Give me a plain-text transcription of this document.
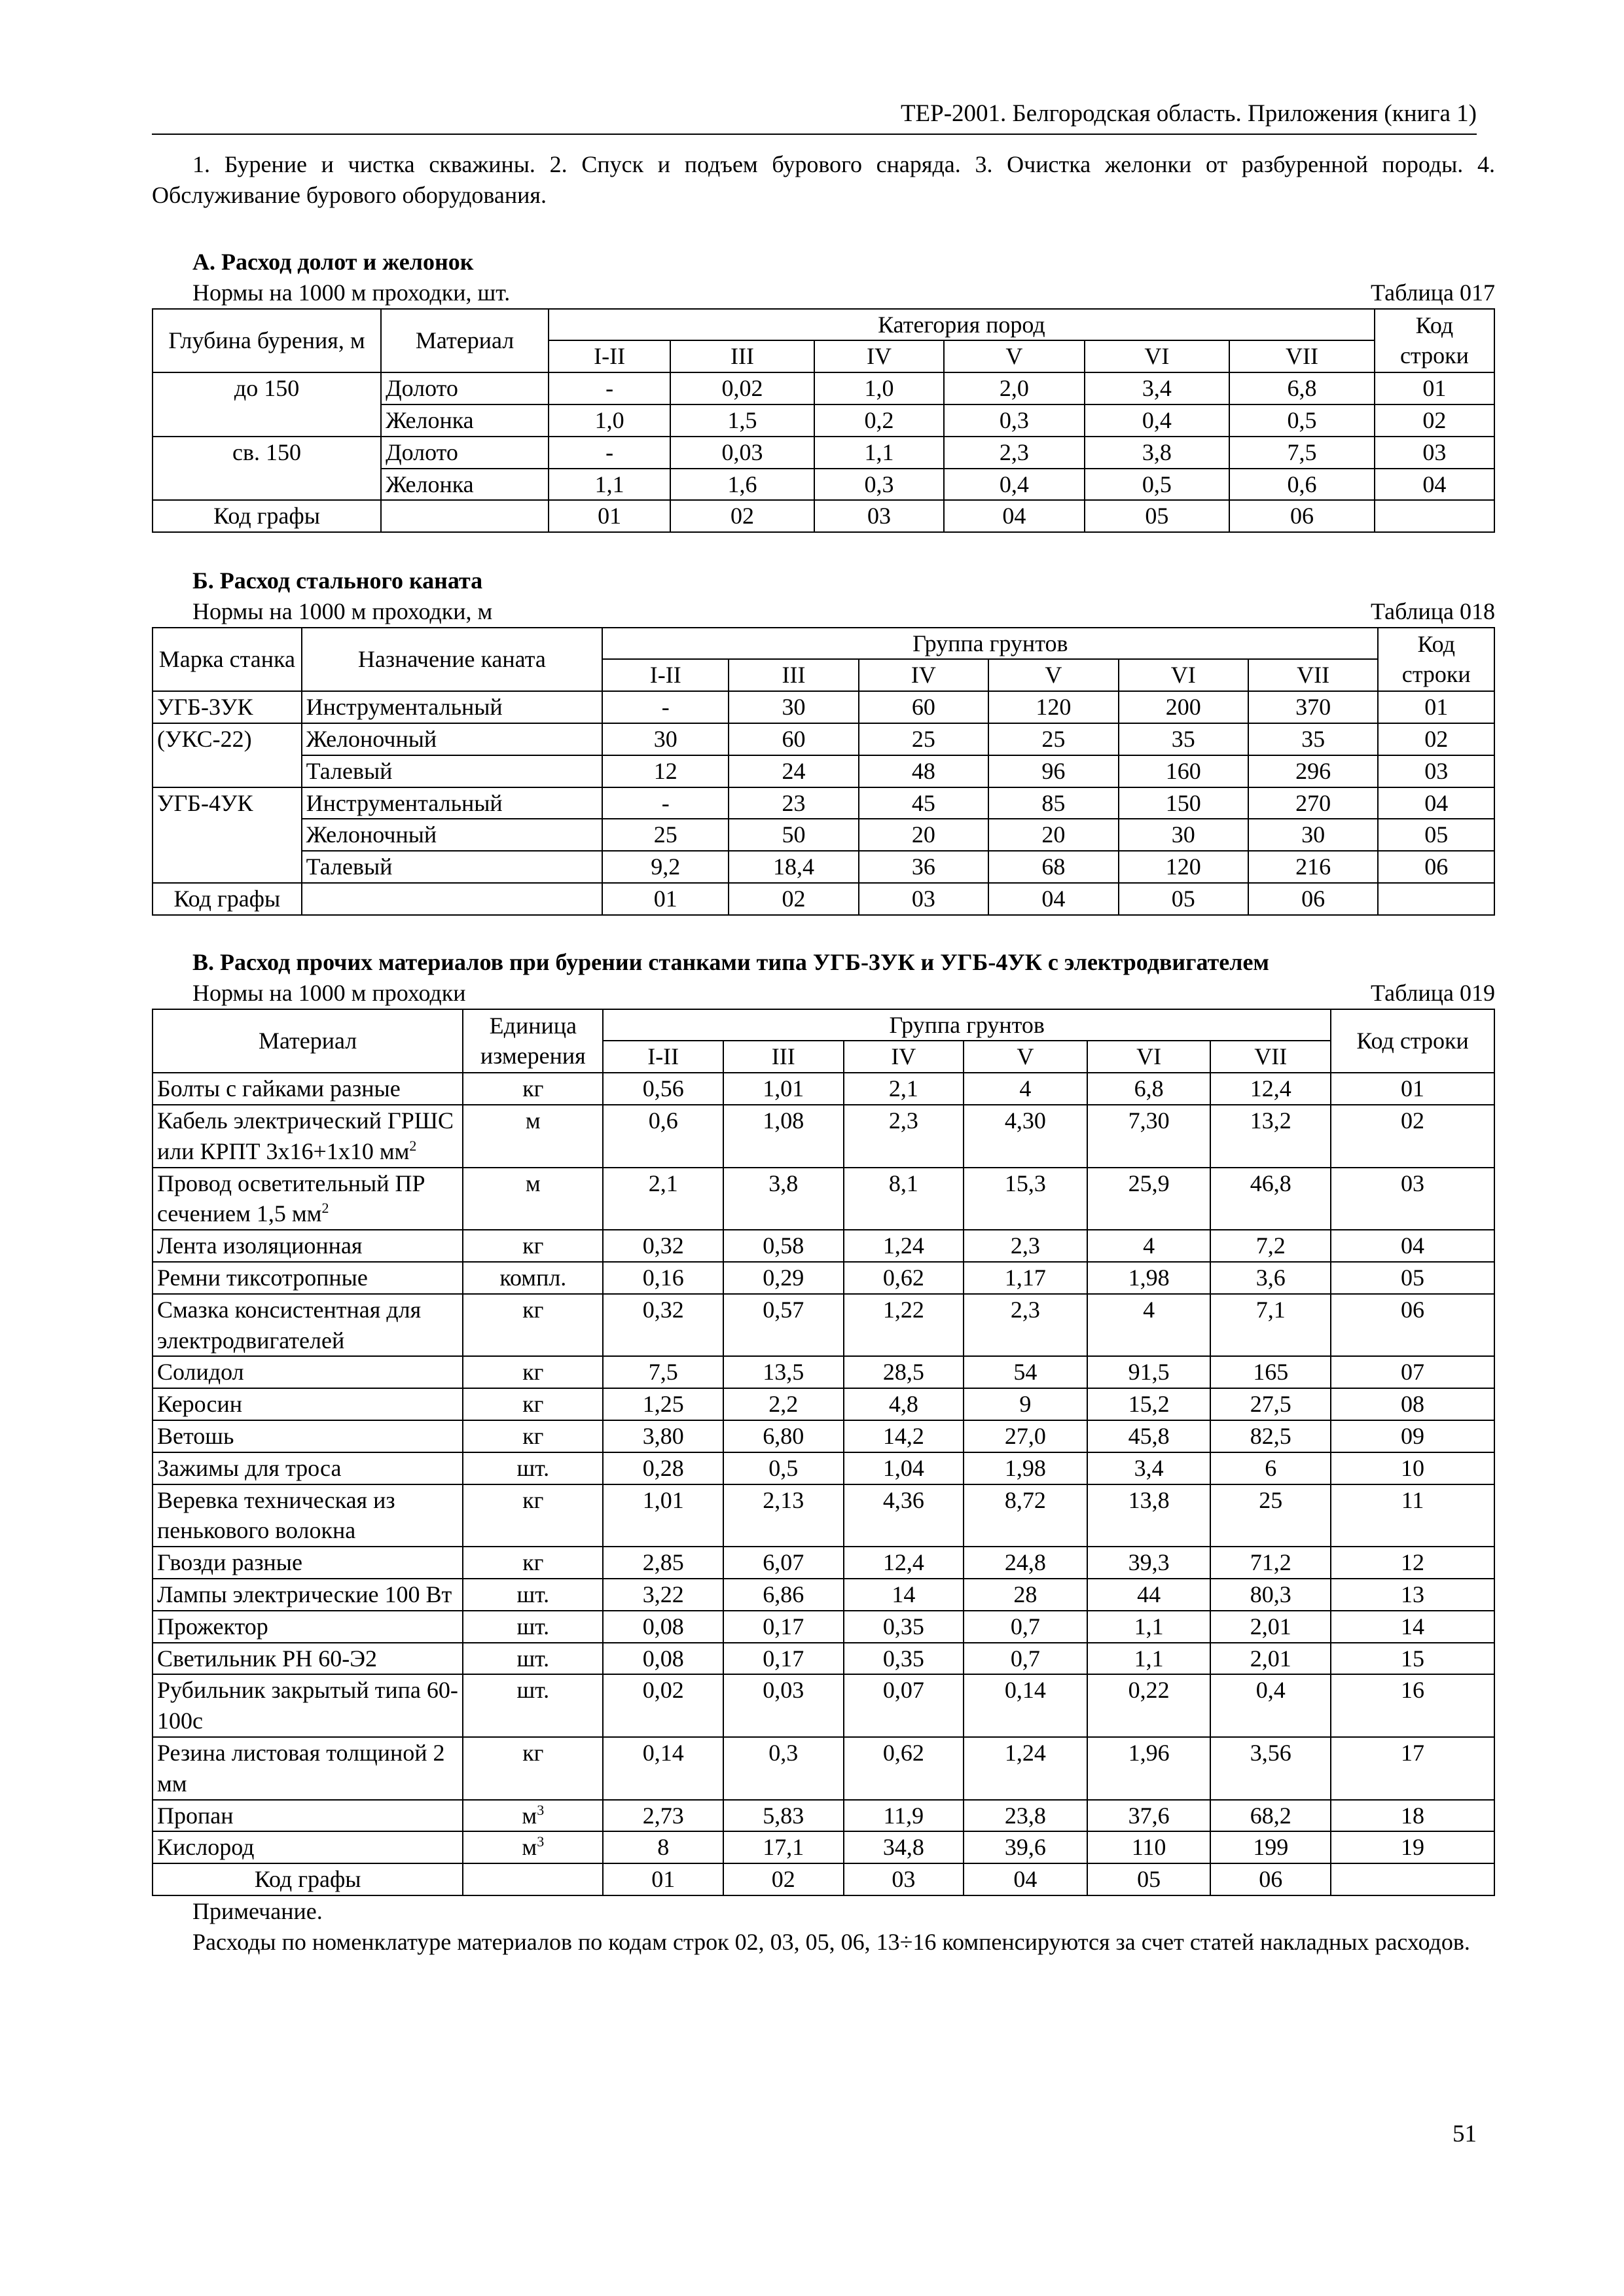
ТЕР-2001. Белгородская область. Приложения (книга 1)
1. Бурение и чистка скважины. 2. Спуск и подъем бурового снаряда. 3. Очистка желонки от разбуренной породы. 4. Обслуживание бурового оборудования.
А. Расход долот и желонок
Нормы на 1000 м проходки, шт.	Таблица 017
Глубина бурения, м	Материал	Категория пород						Код строки
		I-II	III	IV	V	VI	VII	
до 150	Долото	-	0,02	1,0	2,0	3,4	6,8	01
	Желонка	1,0	1,5	0,2	0,3	0,4	0,5	02
св. 150	Долото	-	0,03	1,1	2,3	3,8	7,5	03
	Желонка	1,1	1,6	0,3	0,4	0,5	0,6	04
Код графы		01	02	03	04	05	06	
Б. Расход стального каната
Нормы на 1000 м проходки, м	Таблица 018
Марка станка	Назначение каната	Группа грунтов						Код строки
		I-II	III	IV	V	VI	VII	
УГБ-3УК	Инструментальный	-	30	60	120	200	370	01
(УКС-22)	Желоночный	30	60	25	25	35	35	02
	Талевый	12	24	48	96	160	296	03
УГБ-4УК	Инструментальный	-	23	45	85	150	270	04
	Желоночный	25	50	20	20	30	30	05
	Талевый	9,2	18,4	36	68	120	216	06
Код графы		01	02	03	04	05	06	
В. Расход прочих материалов при бурении станками типа УГБ-3УК и УГБ-4УК с электродвигателем
Нормы на 1000 м проходки	Таблица 019
Материал	Единица измерения	Группа грунтов						Код строки
		I-II	III	IV	V	VI	VII	
Болты с гайками разные	кг	0,56	1,01	2,1	4	6,8	12,4	01
Кабель электрический ГРШС или КРПТ 3х16+1х10 $мм^2$	м	0,6	1,08	2,3	4,30	7,30	13,2	02
Провод осветительный ПР сечением 1,5 $мм^2$	м	2,1	3,8	8,1	15,3	25,9	46,8	03
Лента изоляционная	кг	0,32	0,58	1,24	2,3	4	7,2	04
Ремни тиксотропные	компл.	0,16	0,29	0,62	1,17	1,98	3,6	05
Смазка консистентная для электродвигателей	кг	0,32	0,57	1,22	2,3	4	7,1	06
Солидол	кг	7,5	13,5	28,5	54	91,5	165	07
Керосин	кг	1,25	2,2	4,8	9	15,2	27,5	08
Ветошь	кг	3,80	6,80	14,2	27,0	45,8	82,5	09
Зажимы для троса	шт.	0,28	0,5	1,04	1,98	3,4	6	10
Веревка техническая из пенькового волокна	кг	1,01	2,13	4,36	8,72	13,8	25	11
Гвозди разные	кг	2,85	6,07	12,4	24,8	39,3	71,2	12
Лампы электрические 100 Вт	шт.	3,22	6,86	14	28	44	80,3	13
Прожектор	шт.	0,08	0,17	0,35	0,7	1,1	2,01	14
Светильник РН 60-Э2	шт.	0,08	0,17	0,35	0,7	1,1	2,01	15
Рубильник закрытый типа 60-100с	шт.	0,02	0,03	0,07	0,14	0,22	0,4	16
Резина листовая толщиной 2 мм	кг	0,14	0,3	0,62	1,24	1,96	3,56	17
Пропан	$м^3$	2,73	5,83	11,9	23,8	37,6	68,2	18
Кислород	$м^3$	8	17,1	34,8	39,6	110	199	19
Код графы		01	02	03	04	05	06	
Примечание.
Расходы по номенклатуре материалов по кодам строк 02, 03, 05, 06, 13÷16 компенсируются за счет статей накладных расходов.
51
